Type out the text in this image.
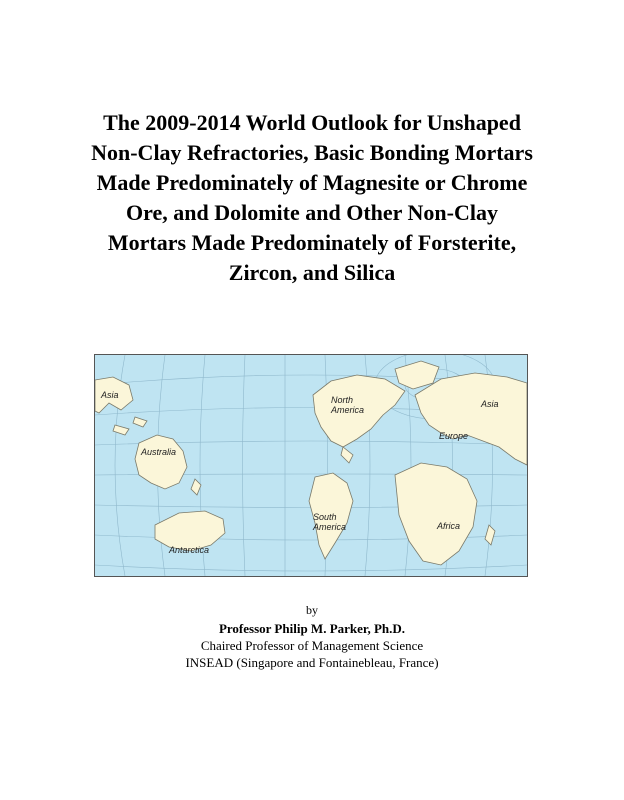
The 2009-2014 World Outlook for Unshaped
Non-Clay Refractories, Basic Bonding Mortars
Made Predominately of Magnesite or Chrome
Ore, and Dolomite and Other Non-Clay
Mortars Made Predominately of Forsterite,
Zircon, and Silica
Asia
Australia
Antarctica
North America
South America
Asia
Europe
Africa
by
Professor Philip M. Parker, Ph.D.
Chaired Professor of Management Science
INSEAD (Singapore and Fontainebleau, France)
